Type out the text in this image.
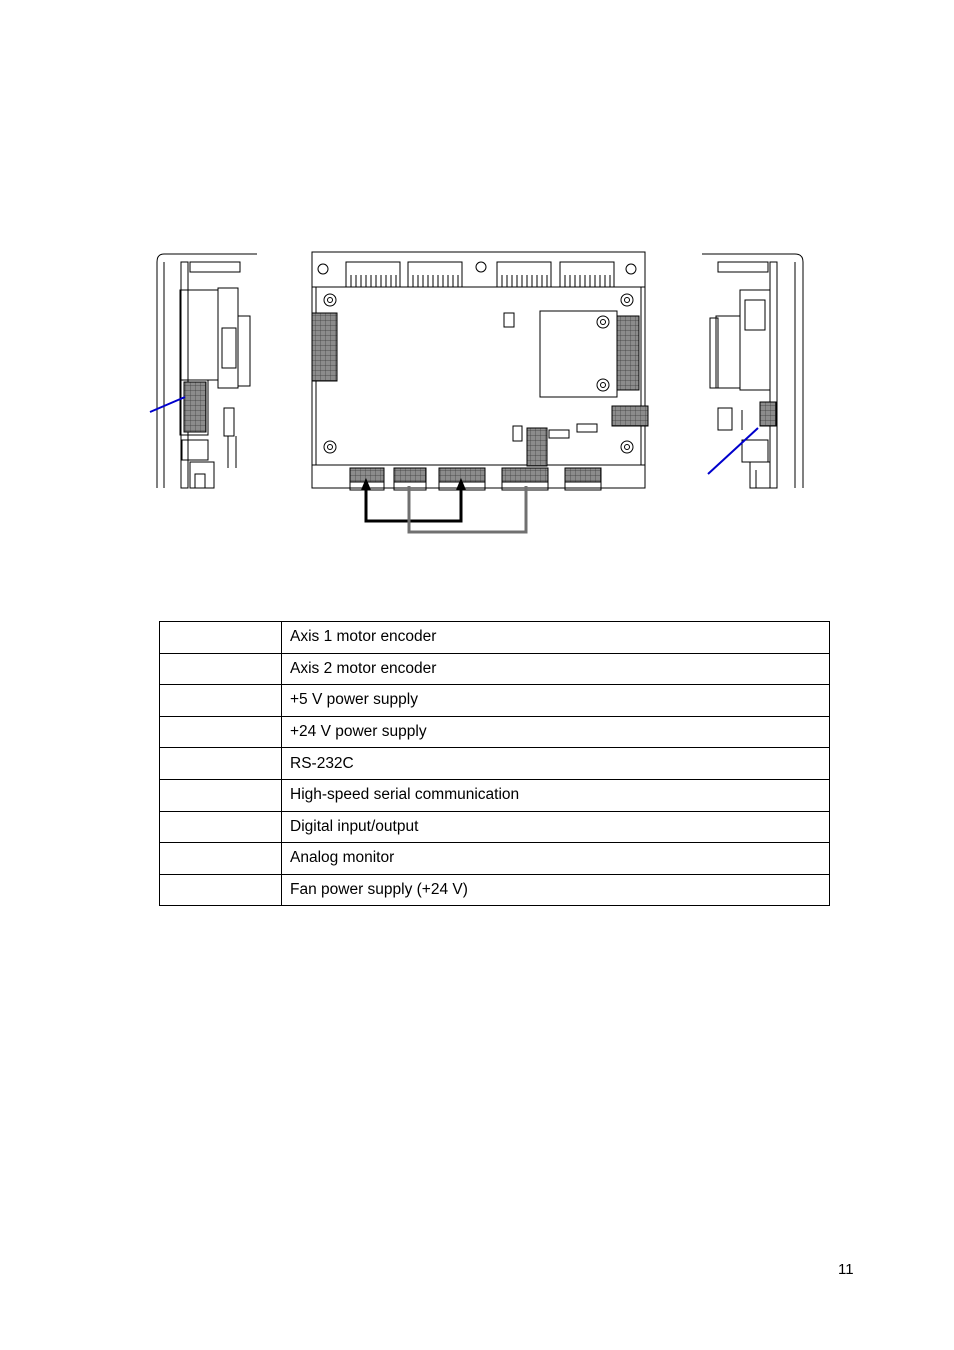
	Axis 1 motor encoder
	Axis 2 motor encoder
	+5 V power supply
	+24 V power supply
	RS-232C
	High-speed serial communication
	Digital input/output
	Analog monitor
	Fan power supply (+24 V)
11
